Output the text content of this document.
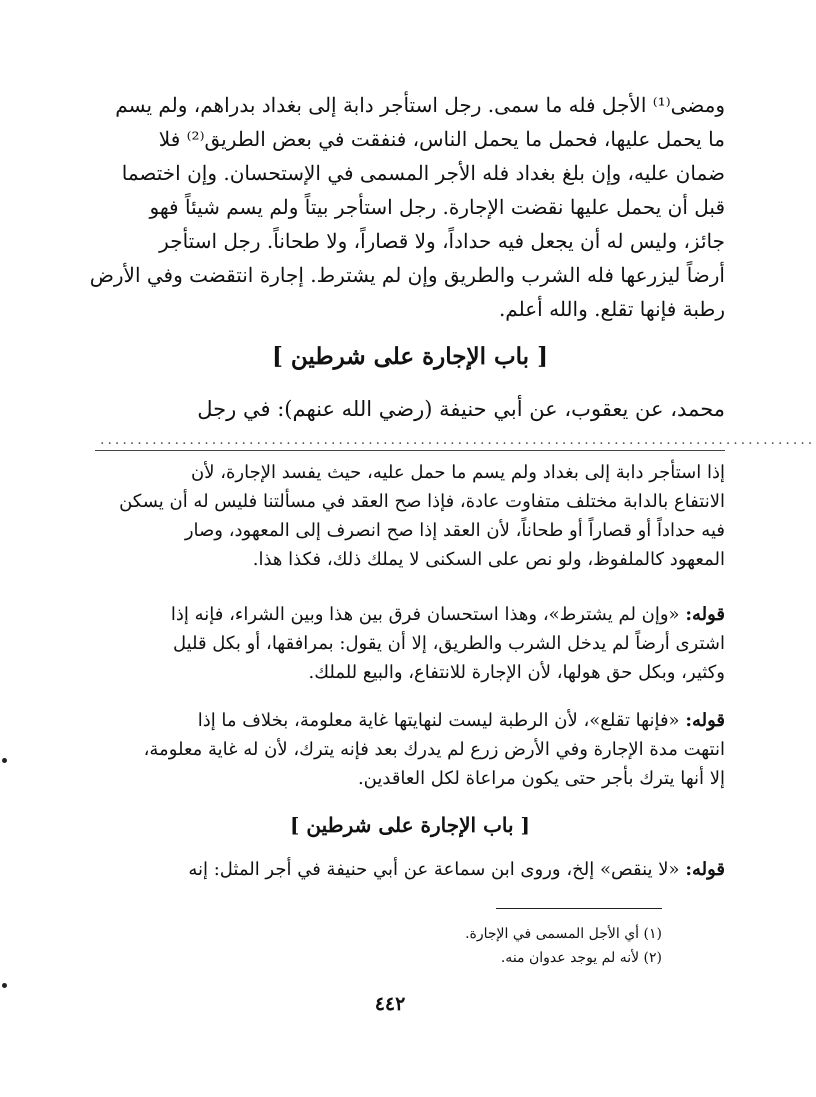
ومضى⁽¹⁾ الأجل فله ما سمى. رجل استأجر دابة إلى بغداد بدراهم، ولم يسم
ما يحمل عليها، فحمل ما يحمل الناس، فنفقت في بعض الطريق⁽²⁾ فلا
ضمان عليه، وإن بلغ بغداد فله الأجر المسمى في الإستحسان. وإن اختصما
قبل أن يحمل عليها نقضت الإجارة. رجل استأجر بيتاً ولم يسم شيئاً فهو
جائز، وليس له أن يجعل فيه حداداً، ولا قصاراً، ولا طحاناً. رجل استأجر
أرضاً ليزرعها فله الشرب والطريق وإن لم يشترط. إجارة انتقضت وفي الأرض
رطبة فإنها تقلع. والله أعلم.
[ باب الإجارة على شرطين ]
محمد، عن يعقوب، عن أبي حنيفة (رضي الله عنهم): في رجل
................................................................................................
إذا استأجر دابة إلى بغداد ولم يسم ما حمل عليه، حيث يفسد الإجارة، لأن
الانتفاع بالدابة مختلف متفاوت عادة، فإذا صح العقد في مسألتنا فليس له أن يسكن
فيه حداداً أو قصاراً أو طحاناً، لأن العقد إذا صح انصرف إلى المعهود، وصار
المعهود كالملفوظ، ولو نص على السكنى لا يملك ذلك، فكذا هذا.
قوله: «وإن لم يشترط»، وهذا استحسان فرق بين هذا وبين الشراء، فإنه إذا
اشترى أرضاً لم يدخل الشرب والطريق، إلا أن يقول: بمرافقها، أو بكل قليل
وكثير، وبكل حق هولها، لأن الإجارة للانتفاع، والبيع للملك.
قوله: «فإنها تقلع»، لأن الرطبة ليست لنهايتها غاية معلومة، بخلاف ما إذا
انتهت مدة الإجارة وفي الأرض زرع لم يدرك بعد فإنه يترك، لأن له غاية معلومة،
إلا أنها يترك بأجر حتى يكون مراعاة لكل العاقدين.
[ باب الإجارة على شرطين ]
قوله: «لا ينقص» إلخ، وروى ابن سماعة عن أبي حنيفة في أجر المثل: إنه
(١) أي الأجل المسمى في الإجارة.
(٢) لأنه لم يوجد عدوان منه.
٤٤٢
